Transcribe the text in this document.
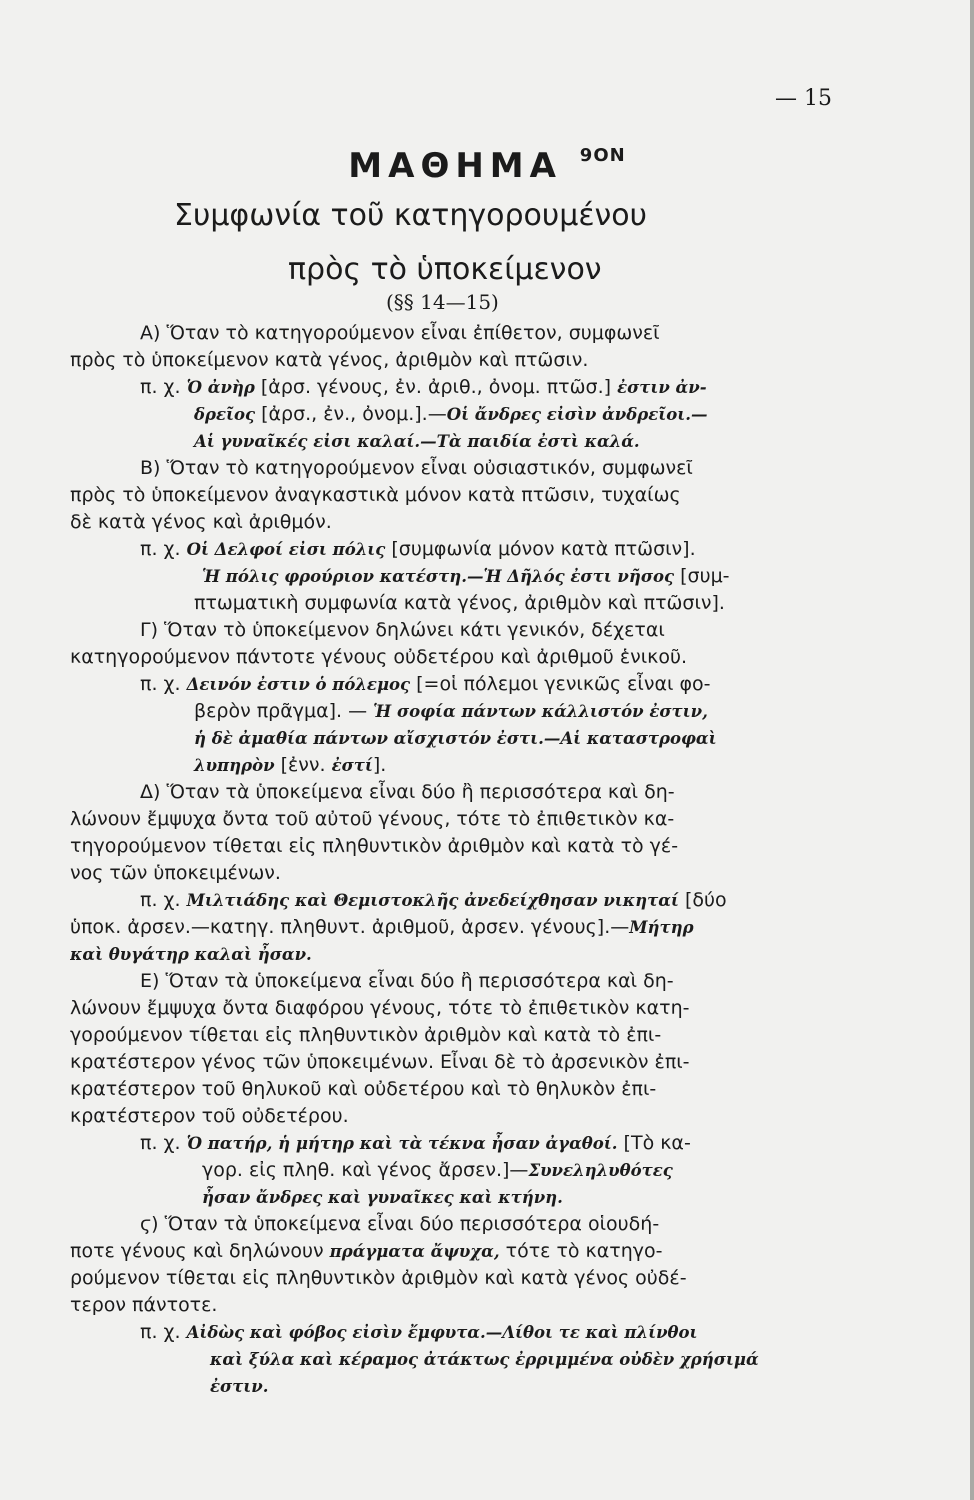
— 15
ΜΑΘΗΜΑ $^{9ON}$
Συμφωνία τοῦ κατηγορουμένου
πρὸς τὸ ὑποκείμενον
(§§ 14—15)
Α) Ὅταν τὸ κατηγορούμενον εἶναι ἐπίθετον, συμφωνεῖ
πρὸς τὸ ὑποκείμενον κατὰ γένος, ἀριθμὸν καὶ πτῶσιν.
π. χ. Ὁ ἀνὴρ [ἀρσ. γένους, ἐν. ἀριθ., ὀνομ. πτῶσ.] ἐστιν ἀν-
δρεῖος [ἀρσ., ἐν., ὀνομ.].—Οἱ ἄνδρες εἰσὶν ἀνδρεῖοι.—
Αἱ γυναῖκές εἰσι καλαί.—Τὰ παιδία ἐστὶ καλά.
Β) Ὅταν τὸ κατηγορούμενον εἶναι οὐσιαστικόν, συμφωνεῖ
πρὸς τὸ ὑποκείμενον ἀναγκαστικὰ μόνον κατὰ πτῶσιν, τυχαίως
δὲ κατὰ γένος καὶ ἀριθμόν.
π. χ. Οἱ Δελφοί εἰσι πόλις [συμφωνία μόνον κατὰ πτῶσιν].
Ἡ πόλις φρούριον κατέστη.—Ἡ Δῆλός ἐστι νῆσος [συμ-
πτωματικὴ συμφωνία κατὰ γένος, ἀριθμὸν καὶ πτῶσιν].
Γ) Ὅταν τὸ ὑποκείμενον δηλώνει κάτι γενικόν, δέχεται
κατηγορούμενον πάντοτε γένους οὐδετέρου καὶ ἀριθμοῦ ἑνικοῦ.
π. χ. Δεινόν ἐστιν ὁ πόλεμος [=οἱ πόλεμοι γενικῶς εἶναι φο-
βερὸν πρᾶγμα]. — Ἡ σοφία πάντων κάλλιστόν ἐστιν,
ἡ δὲ ἀμαθία πάντων αἴσχιστόν ἐστι.—Αἱ καταστροφαὶ
λυπηρὸν [ἐνν. ἐστί].
Δ) Ὅταν τὰ ὑποκείμενα εἶναι δύο ἢ περισσότερα καὶ δη-
λώνουν ἔμψυχα ὄντα τοῦ αὐτοῦ γένους, τότε τὸ ἐπιθετικὸν κα-
τηγορούμενον τίθεται εἰς πληθυντικὸν ἀριθμὸν καὶ κατὰ τὸ γέ-
νος τῶν ὑποκειμένων.
π. χ. Μιλτιάδης καὶ Θεμιστοκλῆς ἀνεδείχθησαν νικηταί [δύο
ὑποκ. ἀρσεν.—κατηγ. πληθυντ. ἀριθμοῦ, ἀρσεν. γένους].—Μήτηρ
καὶ θυγάτηρ καλαὶ ἦσαν.
Ε) Ὅταν τὰ ὑποκείμενα εἶναι δύο ἢ περισσότερα καὶ δη-
λώνουν ἔμψυχα ὄντα διαφόρου γένους, τότε τὸ ἐπιθετικὸν κατη-
γορούμενον τίθεται εἰς πληθυντικὸν ἀριθμὸν καὶ κατὰ τὸ ἐπι-
κρατέστερον γένος τῶν ὑποκειμένων. Εἶναι δὲ τὸ ἀρσενικὸν ἐπι-
κρατέστερον τοῦ θηλυκοῦ καὶ οὐδετέρου καὶ τὸ θηλυκὸν ἐπι-
κρατέστερον τοῦ οὐδετέρου.
π. χ. Ὁ πατήρ, ἡ μήτηρ καὶ τὰ τέκνα ἦσαν ἀγαθοί. [Τὸ κα-
γορ. εἰς πληθ. καὶ γένος ἄρσεν.]—Συνεληλυθότες
ἦσαν ἄνδρες καὶ γυναῖκες καὶ κτήνη.
ϛ) Ὅταν τὰ ὑποκείμενα εἶναι δύο περισσότερα οἱουδή-
ποτε γένους καὶ δηλώνουν πράγματα ἄψυχα, τότε τὸ κατηγο-
ρούμενον τίθεται εἰς πληθυντικὸν ἀριθμὸν καὶ κατὰ γένος οὐδέ-
τερον πάντοτε.
π. χ. Αἰδὼς καὶ φόβος εἰσὶν ἔμφυτα.—Λίθοι τε καὶ πλίνθοι
καὶ ξύλα καὶ κέραμος ἀτάκτως ἐρριμμένα οὐδὲν χρήσιμά
ἐστιν.
